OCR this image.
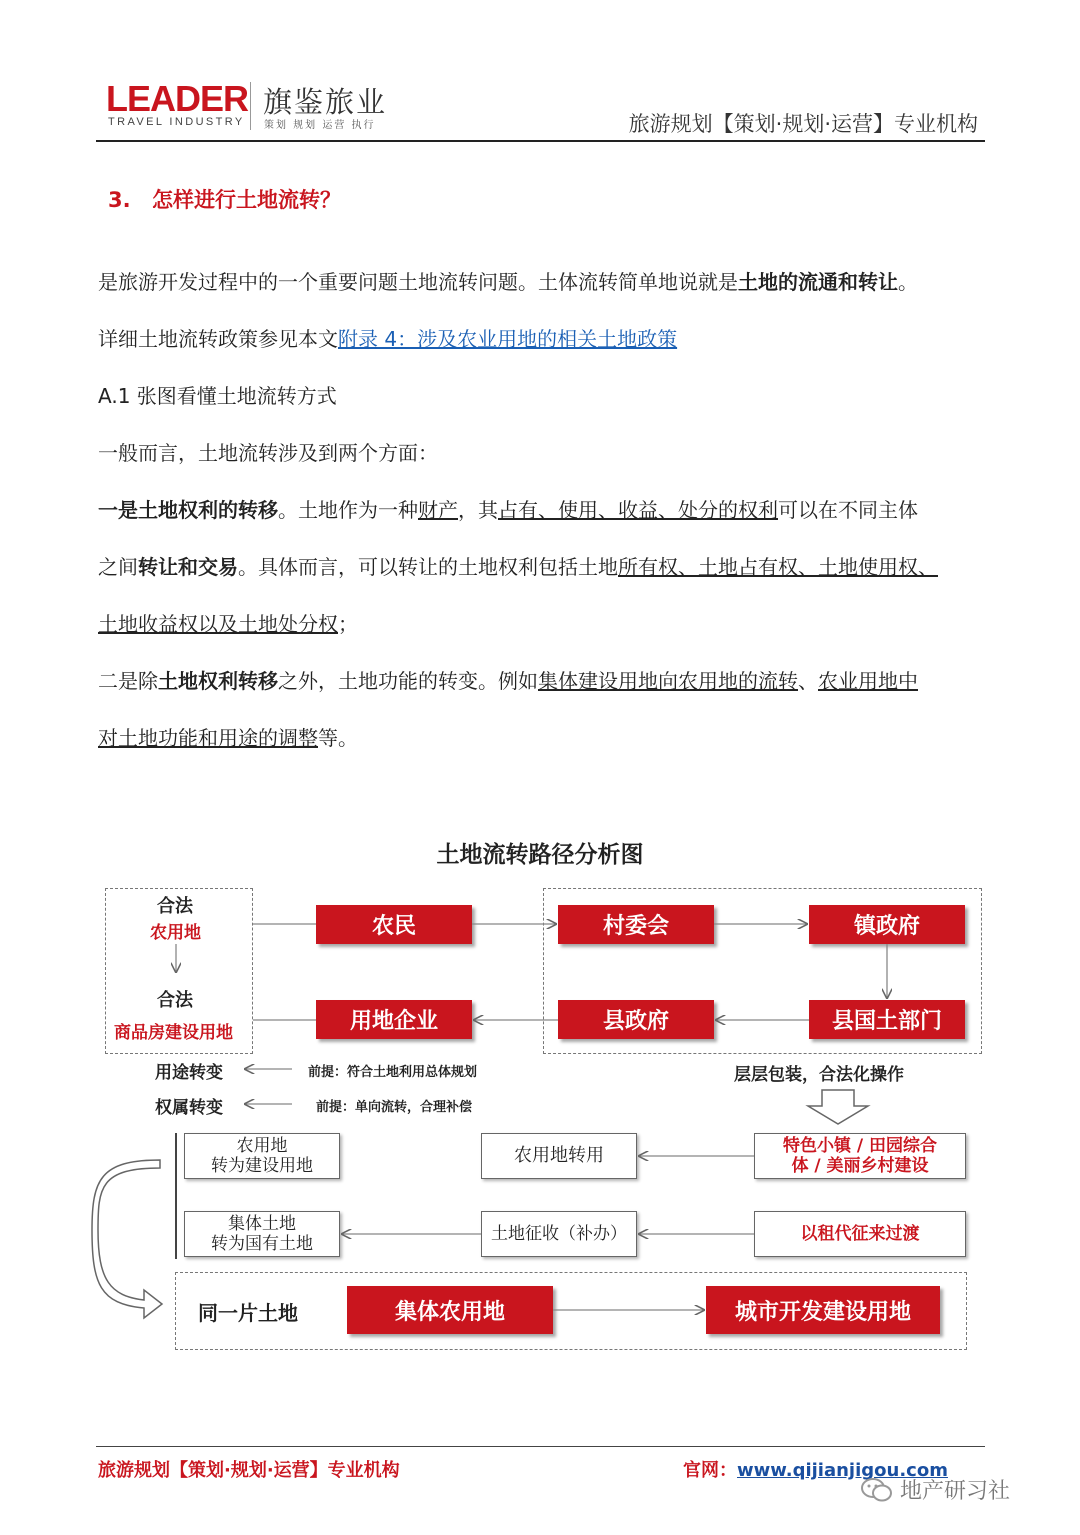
LEADER
TRAVEL INDUSTRY
旗鉴旅业
策划 规划 运营 执行	旅游规划【策划·规划·运营】专业机构
3. 怎样进行土地流转？
是旅游开发过程中的一个重要问题土地流转问题。土体流转简单地说就是土地的流通和转让。
详细土地流转政策参见本文附录 4：涉及农业用地的相关土地政策
A.1 张图看懂土地流转方式
一般而言，土地流转涉及到两个方面：
一是土地权利的转移。土地作为一种财产，其占有、使用、收益、处分的权利可以在不同主体
之间转让和交易。具体而言，可以转让的土地权利包括土地所有权、土地占有权、土地使用权、
土地收益权以及土地处分权；
二是除土地权利转移之外，土地功能的转变。例如集体建设用地向农用地的流转、农业用地中
对土地功能和用途的调整等。
土地流转路径分析图
合法
农用地
合法
商品房建设用地
农民	村委会	镇政府
县国土部门
县政府
用地企业
用途转变	前提：符合土地利用总体规划
权属转变	前提：单向流转，合理补偿
层层包装，合法化操作
农用地
转为建设用地
集体土地
转为国有土地
农用地转用
土地征收（补办）
特色小镇 / 田园综合
体 / 美丽乡村建设
以租代征来过渡
同一片土地	集体农用地	城市开发建设用地
旅游规划【策划·规划·运营】专业机构	官网：www.qijianjigou.com
地产研习社
